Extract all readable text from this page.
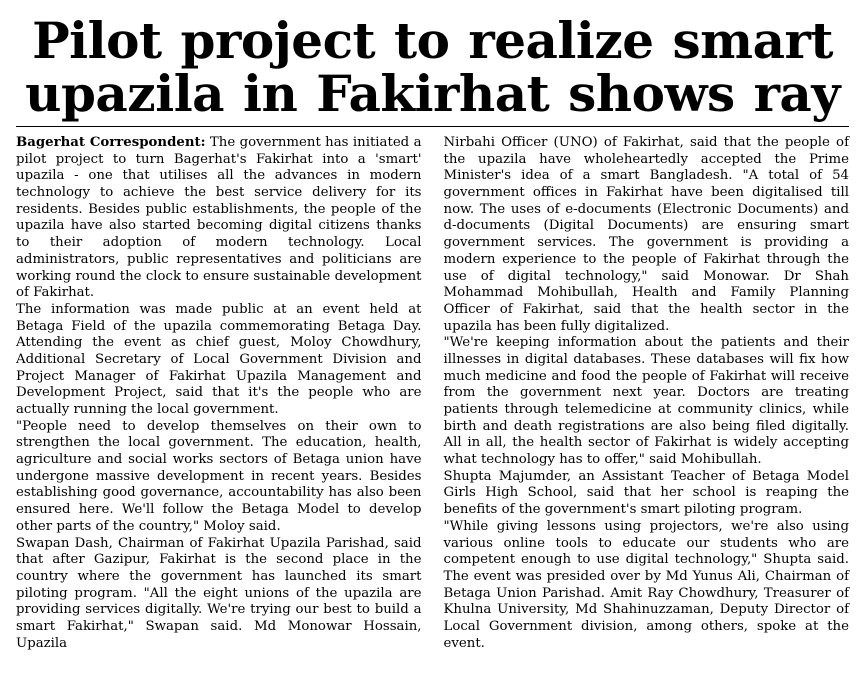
Pilot project to realize smart
upazila in Fakirhat shows ray

Bagerhat Correspondent: The government has initiated a pilot project to turn Bagerhat's Fakirhat into a 'smart' upazila - one that utilises all the advances in modern technology to achieve the best service delivery for its residents. Besides public establishments, the people of the upazila have also started becoming digital citizens thanks to their adoption of modern technology. Local administrators, public representatives and politicians are working round the clock to ensure sustainable development of Fakirhat.

The information was made public at an event held at Betaga Field of the upazila commemorating Betaga Day. Attending the event as chief guest, Moloy Chowdhury, Additional Secretary of Local Government Division and Project Manager of Fakirhat Upazila Management and Development Project, said that it's the people who are actually running the local government.

"People need to develop themselves on their own to strengthen the local government. The education, health, agriculture and social works sectors of Betaga union have undergone massive development in recent years. Besides establishing good governance, accountability has also been ensured here. We'll follow the Betaga Model to develop other parts of the country," Moloy said.

Swapan Dash, Chairman of Fakirhat Upazila Parishad, said that after Gazipur, Fakirhat is the second place in the country where the government has launched its smart piloting program. "All the eight unions of the upazila are providing services digitally. We're trying our best to build a smart Fakirhat," Swapan said. Md Monowar Hossain, Upazila

Nirbahi Officer (UNO) of Fakirhat, said that the people of the upazila have wholeheartedly accepted the Prime Minister's idea of a smart Bangladesh. "A total of 54 government offices in Fakirhat have been digitalised till now. The uses of e-documents (Electronic Documents) and d-documents (Digital Documents) are ensuring smart government services. The government is providing a modern experience to the people of Fakirhat through the use of digital technology," said Monowar. Dr Shah Mohammad Mohibullah, Health and Family Planning Officer of Fakirhat, said that the health sector in the upazila has been fully digitalized.

"We're keeping information about the patients and their illnesses in digital databases. These databases will fix how much medicine and food the people of Fakirhat will receive from the government next year. Doctors are treating patients through telemedicine at community clinics, while birth and death registrations are also being filed digitally. All in all, the health sector of Fakirhat is widely accepting what technology has to offer," said Mohibullah.

Shupta Majumder, an Assistant Teacher of Betaga Model Girls High School, said that her school is reaping the benefits of the government's smart piloting program.

"While giving lessons using projectors, we're also using various online tools to educate our students who are competent enough to use digital technology," Shupta said. The event was presided over by Md Yunus Ali, Chairman of Betaga Union Parishad. Amit Ray Chowdhury, Treasurer of Khulna University, Md Shahinuzzaman, Deputy Director of Local Government division, among others, spoke at the event.
